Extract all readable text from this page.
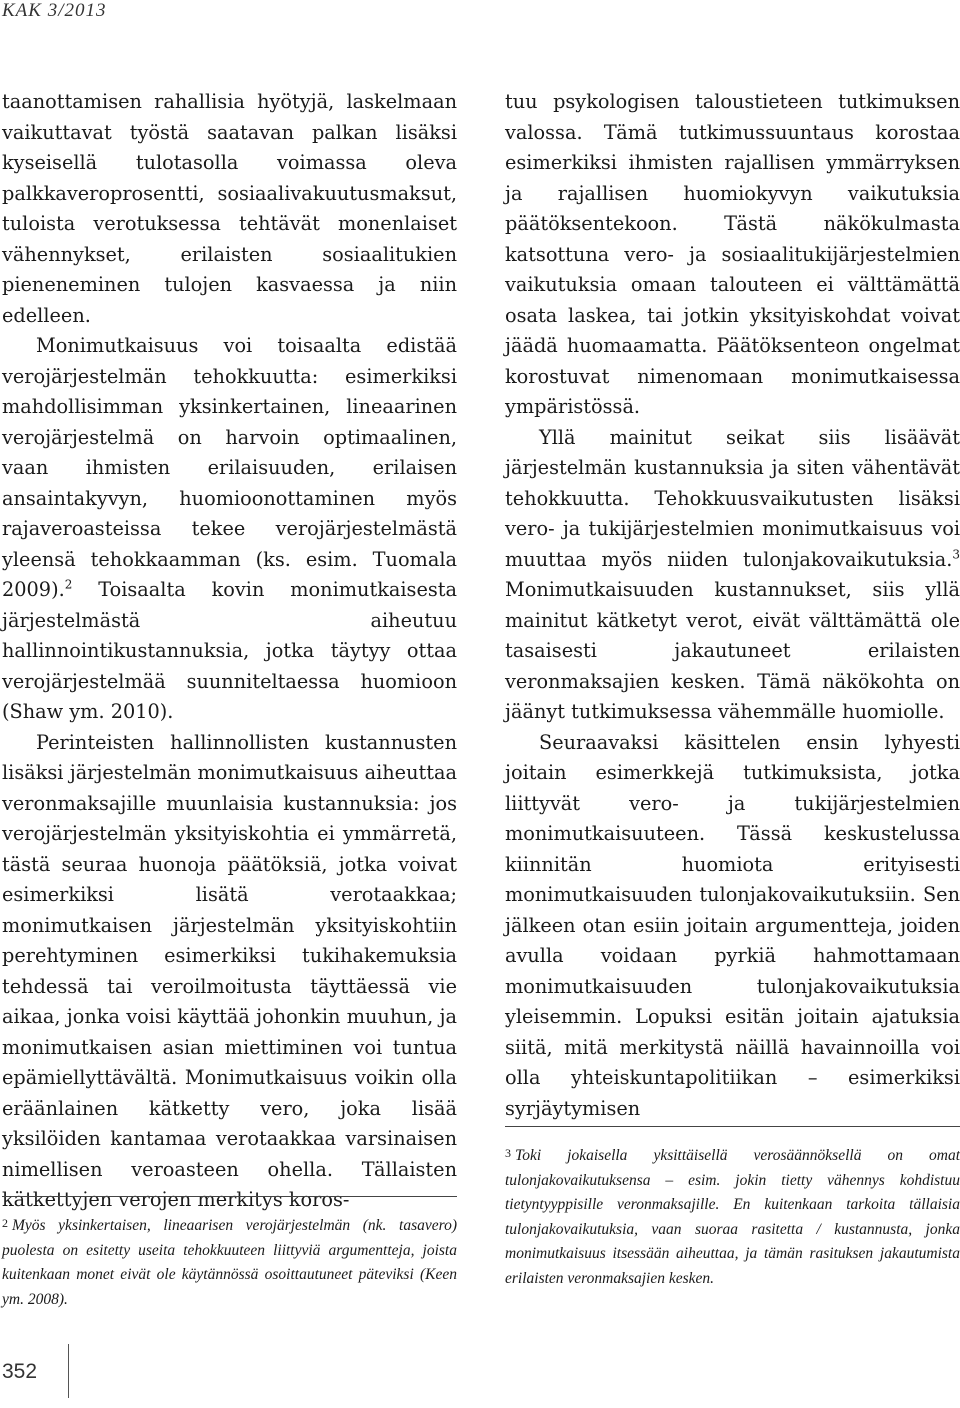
KAK 3/2013

taanottamisen rahallisia hyötyjä, laskelmaan vaikuttavat työstä saatavan palkan lisäksi kyseisellä tulotasolla voimassa oleva palkkaveroprosentti, sosiaalivakuutusmaksut, tuloista verotuksessa tehtävät monenlaiset vähennykset, erilaisten sosiaalitukien pieneneminen tulojen kasvaessa ja niin edelleen.

Monimutkaisuus voi toisaalta edistää verojärjestelmän tehokkuutta: esimerkiksi mahdollisimman yksinkertainen, lineaarinen verojärjestelmä on harvoin optimaalinen, vaan ihmisten erilaisuuden, erilaisen ansaintakyvyn, huomioonottaminen myös rajaveroasteissa tekee verojärjestelmästä yleensä tehokkaamman (ks. esim. Tuomala 2009).$^2$ Toisaalta kovin monimutkaisesta järjestelmästä aiheutuu hallinnointikustannuksia, jotka täytyy ottaa verojärjestelmää suunniteltaessa huomioon (Shaw ym. 2010).

Perinteisten hallinnollisten kustannusten lisäksi järjestelmän monimutkaisuus aiheuttaa veronmaksajille muunlaisia kustannuksia: jos verojärjestelmän yksityiskohtia ei ymmärretä, tästä seuraa huonoja päätöksiä, jotka voivat esimerkiksi lisätä verotaakkaa; monimutkaisen järjestelmän yksityiskohtiin perehtyminen esimerkiksi tukihakemuksia tehdessä tai veroilmoitusta täyttäessä vie aikaa, jonka voisi käyttää johonkin muuhun, ja monimutkaisen asian miettiminen voi tuntua epämiellyttävältä. Monimutkaisuus voikin olla eräänlainen kätketty vero, joka lisää yksilöiden kantamaa verotaakkaa varsinaisen nimellisen veroasteen ohella. Tällaisten kätkettyjen verojen merkitys koros-

tuu psykologisen taloustieteen tutkimuksen valossa. Tämä tutkimussuuntaus korostaa esimerkiksi ihmisten rajallisen ymmärryksen ja rajallisen huomiokyvyn vaikutuksia päätöksentekoon. Tästä näkökulmasta katsottuna vero- ja sosiaalitukijärjestelmien vaikutuksia omaan talouteen ei välttämättä osata laskea, tai jotkin yksityiskohdat voivat jäädä huomaamatta. Päätöksenteon ongelmat korostuvat nimenomaan monimutkaisessa ympäristössä.

Yllä mainitut seikat siis lisäävät järjestelmän kustannuksia ja siten vähentävät tehokkuutta. Tehokkuusvaikutusten lisäksi vero- ja tukijärjestelmien monimutkaisuus voi muuttaa myös niiden tulonjakovaikutuksia.$^3$ Monimutkaisuuden kustannukset, siis yllä mainitut kätketyt verot, eivät välttämättä ole tasaisesti jakautuneet erilaisten veronmaksajien kesken. Tämä näkökohta on jäänyt tutkimuksessa vähemmälle huomiolle.

Seuraavaksi käsittelen ensin lyhyesti joitain esimerkkejä tutkimuksista, jotka liittyvät vero- ja tukijärjestelmien monimutkaisuuteen. Tässä keskustelussa kiinnitän huomiota erityisesti monimutkaisuuden tulonjakovaikutuksiin. Sen jälkeen otan esiin joitain argumentteja, joiden avulla voidaan pyrkiä hahmottamaan monimutkaisuuden tulonjakovaikutuksia yleisemmin. Lopuksi esitän joitain ajatuksia siitä, mitä merkitystä näillä havainnoilla voi olla yhteiskuntapolitiikan – esimerkiksi syrjäytymisen

2 Myös yksinkertaisen, lineaarisen verojärjestelmän (nk. tasavero) puolesta on esitetty useita tehokkuuteen liittyviä argumentteja, joista kuitenkaan monet eivät ole käytännössä osoittautuneet päteviksi (Keen ym. 2008).

3 Toki jokaisella yksittäisellä verosäännöksellä on omat tulonjakovaikutuksensa – esim. jokin tietty vähennys kohdistuu tietyntyyppisille veronmaksajille. En kuitenkaan tarkoita tällaisia tulonjakovaikutuksia, vaan suoraa rasitetta / kustannusta, jonka monimutkaisuus itsessään aiheuttaa, ja tämän rasituksen jakautumista erilaisten veronmaksajien kesken.

352
